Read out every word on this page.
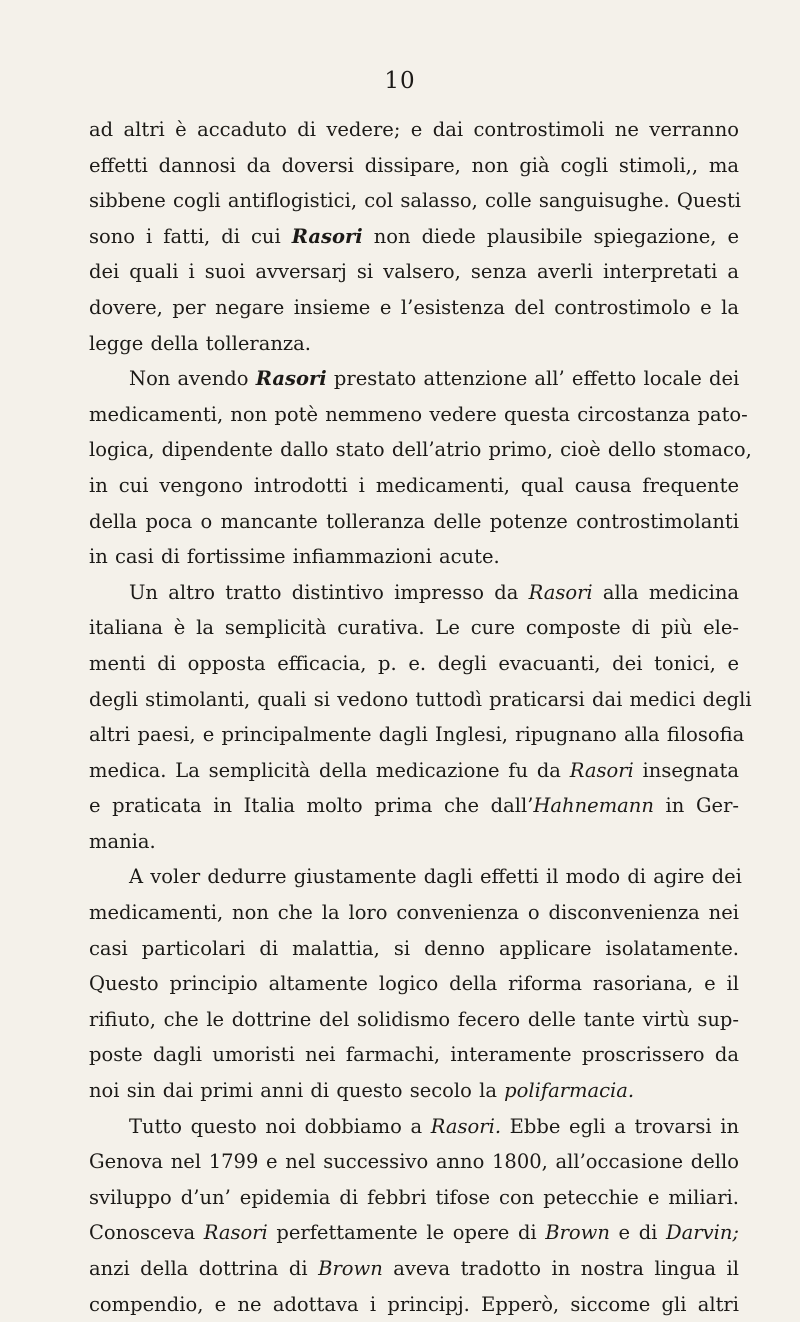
10
ad altri è accaduto di vedere; e dai controstimoli ne verranno
effetti dannosi da doversi dissipare, non già cogli stimoli,, ma
sibbene cogli antiflogistici, col salasso, colle sanguisughe. Questi
sono i fatti, di cui Rasori non diede plausibile spiegazione, e
dei quali i suoi avversarj si valsero, senza averli interpretati a
dovere, per negare insieme e l’esistenza del controstimolo e la
legge della tolleranza.
Non avendo Rasori prestato attenzione all’ effetto locale dei
medicamenti, non potè nemmeno vedere questa circostanza pato-
logica, dipendente dallo stato dell’atrio primo, cioè dello stomaco,
in cui vengono introdotti i medicamenti, qual causa frequente
della poca o mancante tolleranza delle potenze controstimolanti
in casi di fortissime infiammazioni acute.
Un altro tratto distintivo impresso da Rasori alla medicina
italiana è la semplicità curativa. Le cure composte di più ele-
menti di opposta efficacia, p. e. degli evacuanti, dei tonici, e
degli stimolanti, quali si vedono tuttodì praticarsi dai medici degli
altri paesi, e principalmente dagli Inglesi, ripugnano alla filosofia
medica. La semplicità della medicazione fu da Rasori insegnata
e praticata in Italia molto prima che dall’Hahnemann in Ger-
mania.
A voler dedurre giustamente dagli effetti il modo di agire dei
medicamenti, non che la loro convenienza o disconvenienza nei
casi particolari di malattia, si denno applicare isolatamente.
Questo principio altamente logico della riforma rasoriana, e il
rifiuto, che le dottrine del solidismo fecero delle tante virtù sup-
poste dagli umoristi nei farmachi, interamente proscrissero da
noi sin dai primi anni di questo secolo la polifarmacia.
Tutto questo noi dobbiamo a Rasori. Ebbe egli a trovarsi in
Genova nel 1799 e nel successivo anno 1800, all’occasione dello
sviluppo d’un’ epidemia di febbri tifose con petecchie e miliari.
Conosceva Rasori perfettamente le opere di Brown e di Darvin;
anzi della dottrina di Brown aveva tradotto in nostra lingua il
compendio, e ne adottava i principj. Epperò, siccome gli altri
